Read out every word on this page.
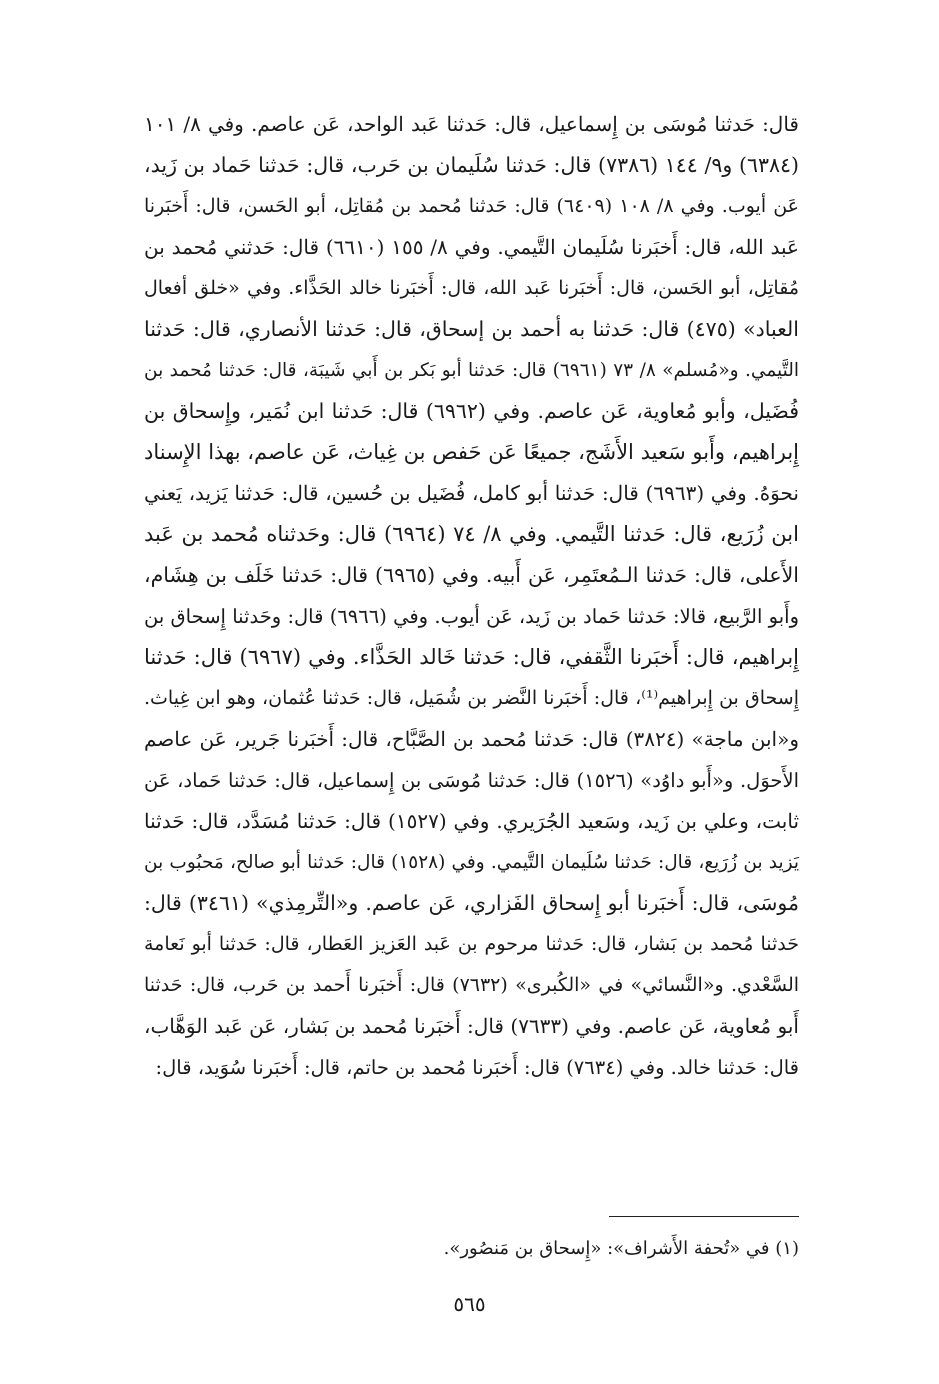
قال: حَدثنا مُوسَى بن إِسماعيل، قال: حَدثنا عَبد الواحد، عَن عاصم. وفي ٨/ ١٠١
(٦٣٨٤) و٩/ ١٤٤ (٧٣٨٦) قال: حَدثنا سُلَيمان بن حَرب، قال: حَدثنا حَماد بن زَيد،
عَن أيوب. وفي ٨/ ١٠٨ (٦٤٠٩) قال: حَدثنا مُحمد بن مُقاتِل، أبو الحَسن، قال: أَخبَرنا
عَبد الله، قال: أَخبَرنا سُلَيمان التَّيمي. وفي ٨/ ١٥٥ (٦٦١٠) قال: حَدثني مُحمد بن
مُقاتِل، أبو الحَسن، قال: أَخبَرنا عَبد الله، قال: أَخبَرنا خالد الحَذَّاء. وفي «خلق أفعال
العباد» (٤٧٥) قال: حَدثنا به أحمد بن إسحاق، قال: حَدثنا الأنصاري، قال: حَدثنا
التَّيمي. و«مُسلم» ٨/ ٧٣ (٦٩٦١) قال: حَدثنا أبو بَكر بن أَبي شَيبَة، قال: حَدثنا مُحمد بن
فُضَيل، وأبو مُعاوية، عَن عاصم. وفي (٦٩٦٢) قال: حَدثنا ابن نُمَير، وإِسحاق بن
إِبراهيم، وأَبو سَعيد الأَشَج، جميعًا عَن حَفص بن غِياث، عَن عاصم، بهذا الإِسناد
نحوَهُ. وفي (٦٩٦٣) قال: حَدثنا أبو كامل، فُضَيل بن حُسين، قال: حَدثنا يَزيد، يَعني
ابن زُرَيع، قال: حَدثنا التَّيمي. وفي ٨/ ٧٤ (٦٩٦٤) قال: وحَدثناه مُحمد بن عَبد
الأَعلى، قال: حَدثنا الـمُعتَمِر، عَن أَبيه. وفي (٦٩٦٥) قال: حَدثنا خَلَف بن هِشَام،
وأَبو الرَّبيع، قالا: حَدثنا حَماد بن زَيد، عَن أيوب. وفي (٦٩٦٦) قال: وحَدثنا إِسحاق بن
إِبراهيم، قال: أَخبَرنا الثَّقفي، قال: حَدثنا خَالد الحَذَّاء. وفي (٦٩٦٧) قال: حَدثنا
إِسحاق بن إِبراهيم⁽¹⁾، قال: أَخبَرنا النَّضر بن شُمَيل، قال: حَدثنا عُثمان، وهو ابن غِياث.
و«ابن ماجة» (٣٨٢٤) قال: حَدثنا مُحمد بن الصَّبَّاح، قال: أَخبَرنا جَرير، عَن عاصم
الأَحوَل. و«أَبو داوُد» (١٥٢٦) قال: حَدثنا مُوسَى بن إِسماعيل، قال: حَدثنا حَماد، عَن
ثابت، وعلي بن زَيد، وسَعيد الجُرَيري. وفي (١٥٢٧) قال: حَدثنا مُسَدَّد، قال: حَدثنا
يَزيد بن زُرَيع، قال: حَدثنا سُلَيمان التَّيمي. وفي (١٥٢٨) قال: حَدثنا أبو صالح، مَحبُوب بن
مُوسَى، قال: أَخبَرنا أبو إِسحاق الفَزاري، عَن عاصم. و«التِّرمِذي» (٣٤٦١) قال:
حَدثنا مُحمد بن بَشار، قال: حَدثنا مرحوم بن عَبد العَزيز العَطار، قال: حَدثنا أبو نَعامة
السَّعْدي. و«النَّسائي» في «الكُبرى» (٧٦٣٢) قال: أَخبَرنا أَحمد بن حَرب، قال: حَدثنا
أَبو مُعاوية، عَن عاصم. وفي (٧٦٣٣) قال: أَخبَرنا مُحمد بن بَشار، عَن عَبد الوَهَّاب،
قال: حَدثنا خالد. وفي (٧٦٣٤) قال: أَخبَرنا مُحمد بن حاتم، قال: أَخبَرنا سُوَيد، قال:
(١) في «تُحفة الأَشراف»: «إِسحاق بن مَنصُور».
٥٦٥
